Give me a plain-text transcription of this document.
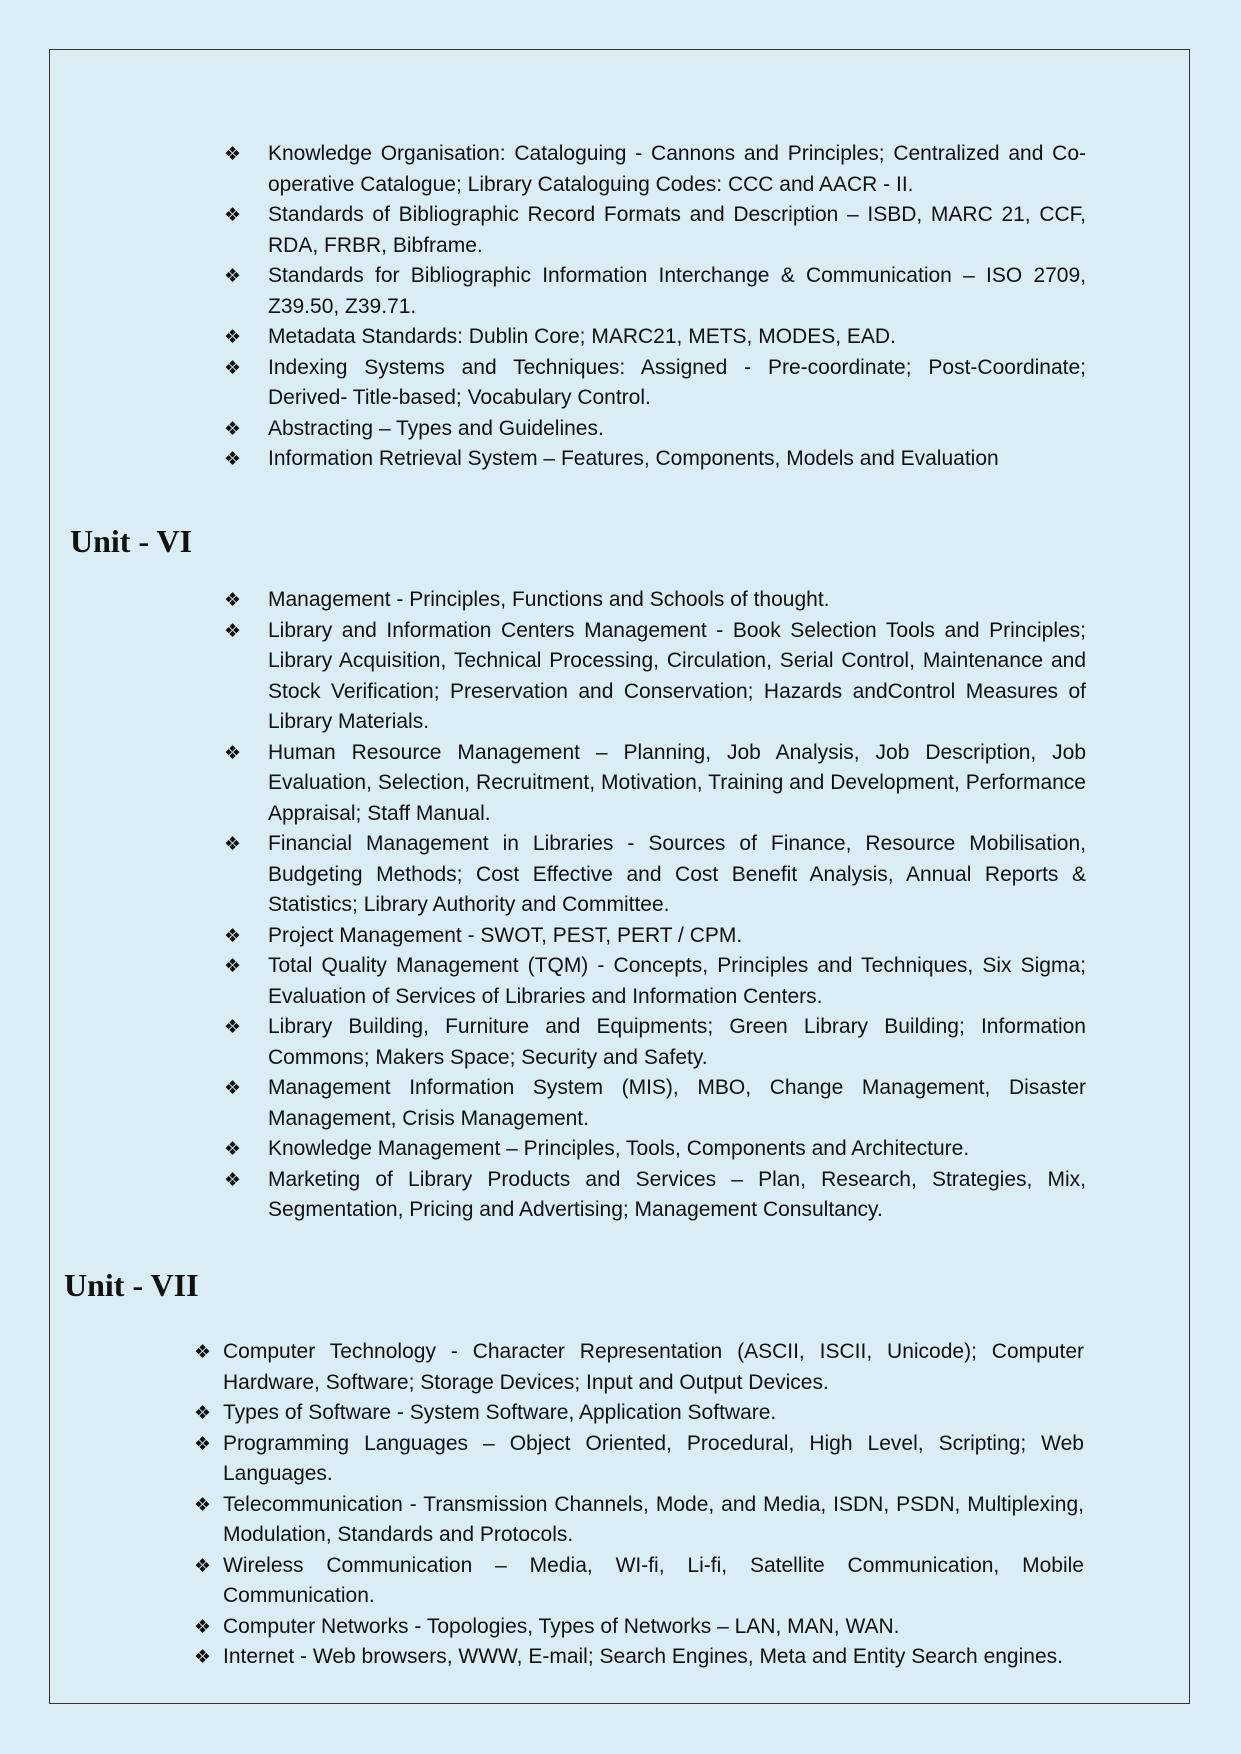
❖ Knowledge Organisation: Cataloguing - Cannons and Principles; Centralized and Co-operative Catalogue; Library Cataloguing Codes: CCC and AACR - II.
❖ Standards of Bibliographic Record Formats and Description – ISBD, MARC 21, CCF, RDA, FRBR, Bibframe.
❖ Standards for Bibliographic Information Interchange & Communication – ISO 2709, Z39.50, Z39.71.
❖ Metadata Standards: Dublin Core; MARC21, METS, MODES, EAD.
❖ Indexing Systems and Techniques: Assigned - Pre-coordinate; Post-Coordinate; Derived- Title-based; Vocabulary Control.
❖ Abstracting – Types and Guidelines.
❖ Information Retrieval System – Features, Components, Models and Evaluation
Unit - VI
❖ Management - Principles, Functions and Schools of thought.
❖ Library and Information Centers Management - Book Selection Tools and Principles; Library Acquisition, Technical Processing, Circulation, Serial Control, Maintenance and Stock Verification; Preservation and Conservation; Hazards andControl Measures of Library Materials.
❖ Human Resource Management – Planning, Job Analysis, Job Description, Job Evaluation, Selection, Recruitment, Motivation, Training and Development, Performance Appraisal; Staff Manual.
❖ Financial Management in Libraries - Sources of Finance, Resource Mobilisation, Budgeting Methods; Cost Effective and Cost Benefit Analysis, Annual Reports & Statistics; Library Authority and Committee.
❖ Project Management - SWOT, PEST, PERT / CPM.
❖ Total Quality Management (TQM) - Concepts, Principles and Techniques, Six Sigma; Evaluation of Services of Libraries and Information Centers.
❖ Library Building, Furniture and Equipments; Green Library Building; Information Commons; Makers Space; Security and Safety.
❖ Management Information System (MIS), MBO, Change Management, Disaster Management, Crisis Management.
❖ Knowledge Management – Principles, Tools, Components and Architecture.
❖ Marketing of Library Products and Services – Plan, Research, Strategies, Mix, Segmentation, Pricing and Advertising; Management Consultancy.
Unit - VII
❖ Computer Technology - Character Representation (ASCII, ISCII, Unicode); Computer Hardware, Software; Storage Devices; Input and Output Devices.
❖ Types of Software - System Software, Application Software.
❖ Programming Languages – Object Oriented, Procedural, High Level, Scripting; Web Languages.
❖ Telecommunication - Transmission Channels, Mode, and Media, ISDN, PSDN, Multiplexing, Modulation, Standards and Protocols.
❖ Wireless Communication – Media, WI-fi, Li-fi, Satellite Communication, Mobile Communication.
❖ Computer Networks - Topologies, Types of Networks – LAN, MAN, WAN.
❖ Internet - Web browsers, WWW, E-mail; Search Engines, Meta and Entity Search engines.
